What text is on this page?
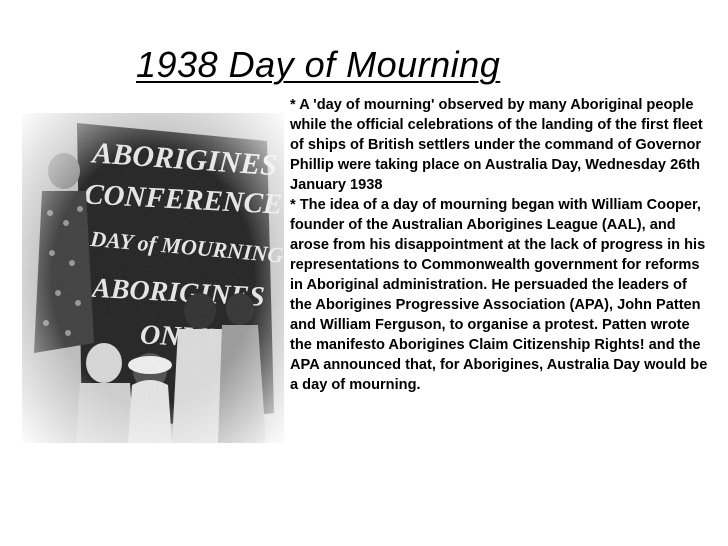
1938 Day of Mourning

* A 'day of mourning' observed by many Aboriginal people while the official celebrations of the landing of the first fleet of ships of British settlers under the command of Governor Phillip were taking place on Australia Day, Wednesday 26th January 1938

* The idea of a day of mourning began with William Cooper, founder of the Australian Aborigines League (AAL), and arose from his disappointment at the lack of progress in his representations to Commonwealth government for reforms in Aboriginal administration. He persuaded the leaders of the Aborigines Progressive Association (APA), John Patten and William Ferguson, to organise a protest. Patten wrote the manifesto Aborigines Claim Citizenship Rights! and the APA announced that, for Aborigines, Australia Day would be a day of mourning.
